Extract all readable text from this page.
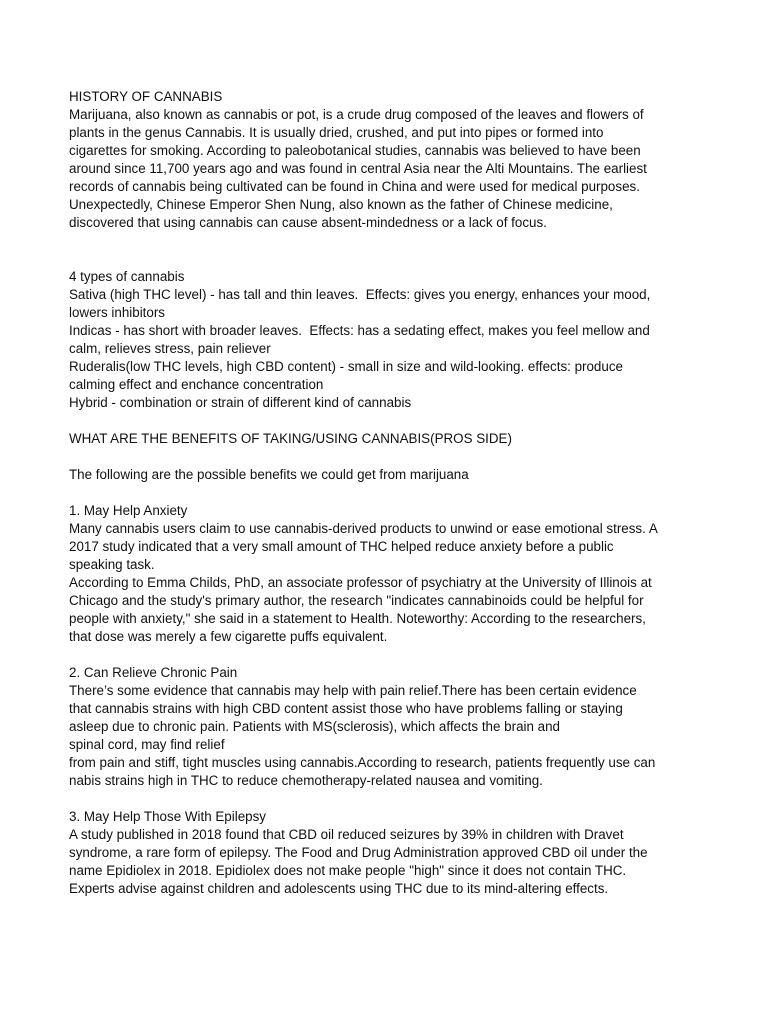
HISTORY OF CANNABIS
Marijuana, also known as cannabis or pot, is a crude drug composed of the leaves and flowers of
plants in the genus Cannabis. It is usually dried, crushed, and put into pipes or formed into
cigarettes for smoking. According to paleobotanical studies, cannabis was believed to have been
around since 11,700 years ago and was found in central Asia near the Alti Mountains. The earliest
records of cannabis being cultivated can be found in China and were used for medical purposes.
Unexpectedly, Chinese Emperor Shen Nung, also known as the father of Chinese medicine,
discovered that using cannabis can cause absent-mindedness or a lack of focus.
4 types of cannabis
Sativa (high THC level) - has tall and thin leaves.  Effects: gives you energy, enhances your mood,
lowers inhibitors
Indicas - has short with broader leaves.  Effects: has a sedating effect, makes you feel mellow and
calm, relieves stress, pain reliever
Ruderalis(low THC levels, high CBD content) - small in size and wild-looking. effects: produce
calming effect and enchance concentration
Hybrid - combination or strain of different kind of cannabis
WHAT ARE THE BENEFITS OF TAKING/USING CANNABIS(PROS SIDE)
The following are the possible benefits we could get from marijuana
1. May Help Anxiety
Many cannabis users claim to use cannabis-derived products to unwind or ease emotional stress. A
2017 study indicated that a very small amount of THC helped reduce anxiety before a public
speaking task.
According to Emma Childs, PhD, an associate professor of psychiatry at the University of Illinois at
Chicago and the study's primary author, the research "indicates cannabinoids could be helpful for
people with anxiety," she said in a statement to Health. Noteworthy: According to the researchers,
that dose was merely a few cigarette puffs equivalent.
2. Can Relieve Chronic Pain
There’s some evidence that cannabis may help with pain relief.There has been certain evidence
that cannabis strains with high CBD content assist those who have problems falling or staying
asleep due to chronic pain. Patients with MS(sclerosis), which affects the brain and
spinal cord, may find relief
from pain and stiff, tight muscles using cannabis.According to research, patients frequently use can
nabis strains high in THC to reduce chemotherapy-related nausea and vomiting.
3. May Help Those With Epilepsy
A study published in 2018 found that CBD oil reduced seizures by 39% in children with Dravet
syndrome, a rare form of epilepsy. The Food and Drug Administration approved CBD oil under the
name Epidiolex in 2018. Epidiolex does not make people "high" since it does not contain THC.
Experts advise against children and adolescents using THC due to its mind-altering effects.
